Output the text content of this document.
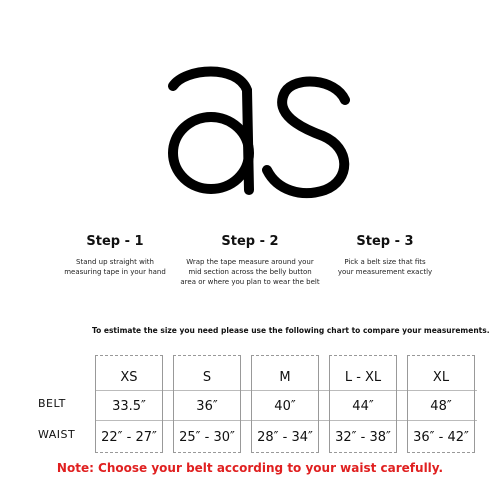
Step - 1
Stand up straight with
measuring tape in your hand
Step - 2
Wrap the tape measure around your
mid section across the belly button
area or where you plan to wear the belt
Step - 3
Pick a belt size that fits
your measurement exactly
To estimate the size you need please use the following chart to compare your measurements.
BELT
WAIST
XS
33.5″
22″ - 27″
S
36″
25″ - 30″
M
40″
28″ - 34″
L - XL
44″
32″ - 38″
XL
48″
36″ - 42″
Note: Choose your belt according to your waist carefully.
